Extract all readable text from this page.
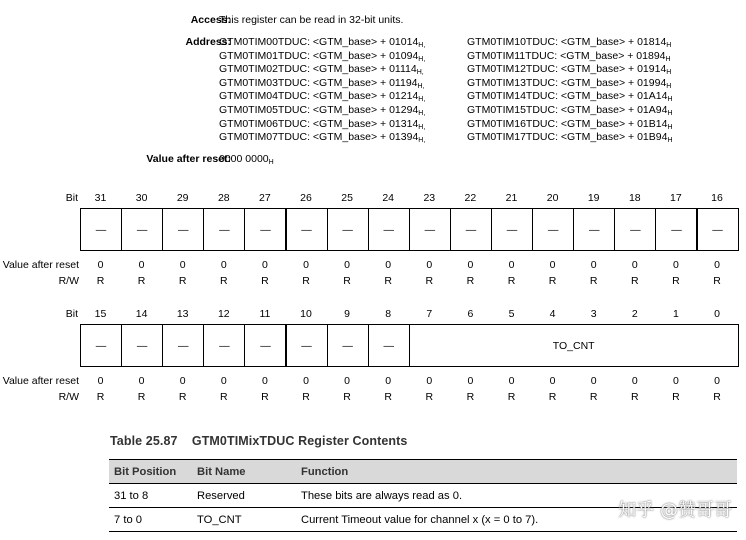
Access:
This register can be read in 32-bit units.
Address:
GTM0TIM00TDUC: <GTM_base> + $01014_{H,}$
GTM0TIM01TDUC: <GTM_base> + $01094_{H,}$
GTM0TIM02TDUC: <GTM_base> + $01114_{H,}$
GTM0TIM03TDUC: <GTM_base> + $01194_{H,}$
GTM0TIM04TDUC: <GTM_base> + $01214_{H,}$
GTM0TIM05TDUC: <GTM_base> + $01294_{H,}$
GTM0TIM06TDUC: <GTM_base> + $01314_{H,}$
GTM0TIM07TDUC: <GTM_base> + $01394_{H,}$
GTM0TIM10TDUC: <GTM_base> + $01814_H$
GTM0TIM11TDUC: <GTM_base> + $01894_H$
GTM0TIM12TDUC: <GTM_base> + $01914_H$
GTM0TIM13TDUC: <GTM_base> + $01994_H$
GTM0TIM14TDUC: <GTM_base> + $01A14_H$
GTM0TIM15TDUC: <GTM_base> + $01A94_H$
GTM0TIM16TDUC: <GTM_base> + $01B14_H$
GTM0TIM17TDUC: <GTM_base> + $01B94_H$
Value after reset:
0000 $0000_H$
Bit	31	30	29	28	27	26	25	24	23	22	21	20	19	18	17	16
—	—	—	—	—	—	—	—	—	—	—	—	—	—	—	—
Value after reset	0	0	0	0	0	0	0	0	0	0	0	0	0	0	0	0
R/W	R	R	R	R	R	R	R	R	R	R	R	R	R	R	R	R
Bit	15	14	13	12	11	10	9	8	7	6	5	4	3	2	1	0
—	—	—	—	—	—	—	—	TO_CNT
Value after reset	0	0	0	0	0	0	0	0	0	0	0	0	0	0	0	0
R/W	R	R	R	R	R	R	R	R	R	R	R	R	R	R	R	R
Table 25.87    GTM0TIMixTDUC Register Contents
Bit Position	Bit Name	Function
31 to 8	Reserved	These bits are always read as 0.
7 to 0	TO_CNT	Current Timeout value for channel x (x = 0 to 7).	知乎 @赞哥哥
